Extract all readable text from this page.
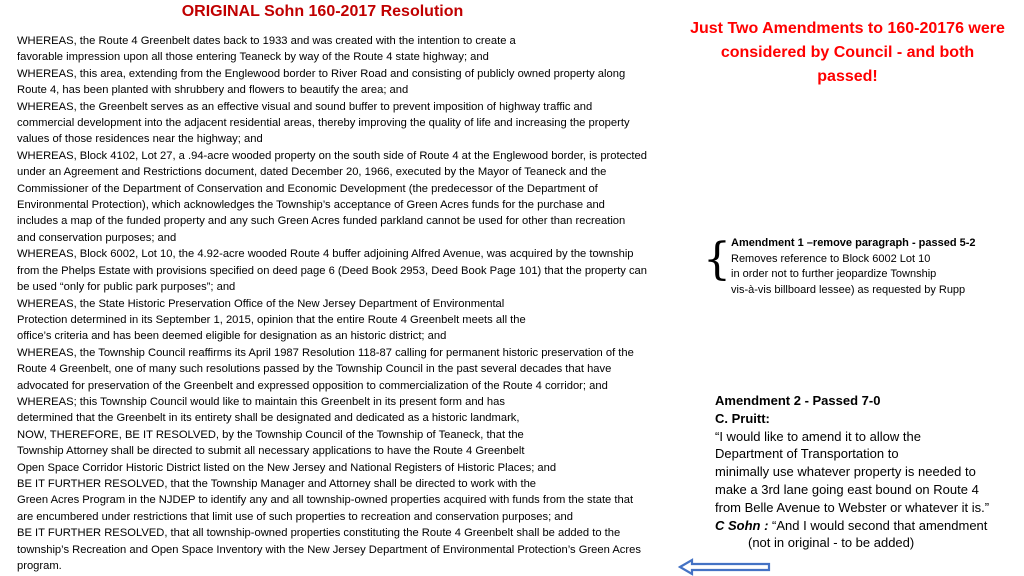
ORIGINAL Sohn 160-2017 Resolution

WHEREAS, the Route 4 Greenbelt dates back to 1933 and was created with the intention to create a

favorable impression upon all those entering Teaneck by way of the Route 4 state highway; and

WHEREAS, this area, extending from the Englewood border to River Road and consisting of publicly owned property along

Route 4, has been planted with shrubbery and flowers to beautify the area; and

WHEREAS, the Greenbelt serves as an effective visual and sound buffer to prevent imposition of highway traffic and

commercial development into the adjacent residential areas, thereby improving the quality of life and increasing the property

values of those residences near the highway; and

WHEREAS, Block 4102, Lot 27, a .94-acre wooded property on the south side of Route 4 at the Englewood border, is protected

under an Agreement and Restrictions document, dated December 20, 1966, executed by the Mayor of Teaneck and the

Commissioner of the Department of Conservation and Economic Development (the predecessor of the Department of

Environmental Protection), which acknowledges the Township’s acceptance of Green Acres funds for the purchase and

includes a map of the funded property and any such Green Acres funded parkland cannot be used for other than recreation

and conservation purposes; and

WHEREAS, Block 6002, Lot 10, the 4.92-acre wooded Route 4 buffer adjoining Alfred Avenue, was acquired by the township

from the Phelps Estate with provisions specified on deed page 6 (Deed Book 2953, Deed Book Page 101) that the property can

be used “only for public park purposes”; and

WHEREAS, the State Historic Preservation Office of the New Jersey Department of Environmental

Protection determined in its September 1, 2015, opinion that the entire Route 4 Greenbelt meets all the

office’s criteria and has been deemed eligible for designation as an historic district; and

WHEREAS, the Township Council reaffirms its April 1987 Resolution 118-87 calling for permanent historic preservation of the

Route 4 Greenbelt, one of many such resolutions passed by the Township Council in the past several decades that have

advocated for preservation of the Greenbelt and expressed opposition to commercialization of the Route 4 corridor; and

WHEREAS; this Township Council would like to maintain this Greenbelt in its present form and has

determined that the Greenbelt in its entirety shall be designated and dedicated as a historic landmark,

NOW, THEREFORE, BE IT RESOLVED, by the Township Council of the Township of Teaneck, that the

Township Attorney shall be directed to submit all necessary applications to have the Route 4 Greenbelt

Open Space Corridor Historic District listed on the New Jersey and National Registers of Historic Places; and

BE IT FURTHER RESOLVED, that the Township Manager and Attorney shall be directed to work with the

Green Acres Program in the NJDEP to identify any and all township-owned properties acquired with funds from the state that

are encumbered under restrictions that limit use of such properties to recreation and conservation purposes; and

BE IT FURTHER RESOLVED, that all township-owned properties constituting the Route 4 Greenbelt shall be added to the

township’s Recreation and Open Space Inventory with the New Jersey Department of Environmental Protection’s Green Acres

program.

Just Two Amendments to 160-20176 were considered by Council - and both passed!

{ Amendment 1 –remove paragraph - passed 5-2
Removes reference to Block 6002 Lot 10
in order not to further jeopardize Township
vis-à-vis billboard lessee) as requested by Rupp
Amendment 2 - Passed 7-0
C. Pruitt:
“I would like to amend it to allow the
Department of Transportation to
minimally use whatever property is needed to
make a 3rd lane going east bound on Route 4
from Belle Avenue to Webster or whatever it is.”
C Sohn : “And I would second that amendment
(not in original - to be added)
